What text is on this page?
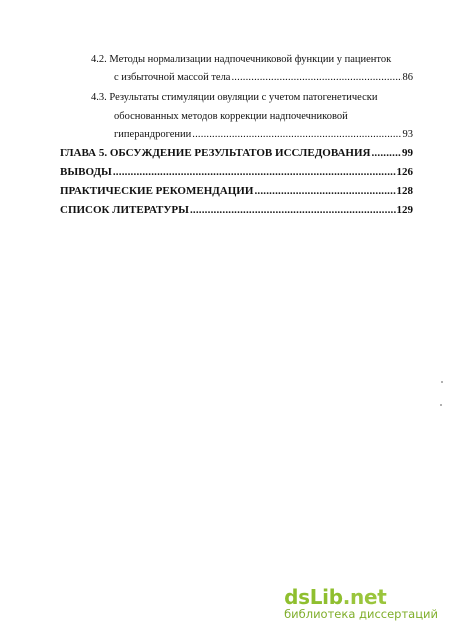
4.2. Методы нормализации надпочечниковой функции у пациенток
с избыточной массой тела .....	86
4.3. Результаты стимуляции овуляции с учетом патогенетически
обоснованных методов коррекции надпочечниковой
гиперандрогении .....	93
ГЛАВА 5. ОБСУЖДЕНИЕ РЕЗУЛЬТАТОВ ИССЛЕДОВАНИЯ .....	99
ВЫВОДЫ .....	126
ПРАКТИЧЕСКИЕ РЕКОМЕНДАЦИИ .....	128
СПИСОК ЛИТЕРАТУРЫ .....	129
dsLib.net
библиотека диссертаций
